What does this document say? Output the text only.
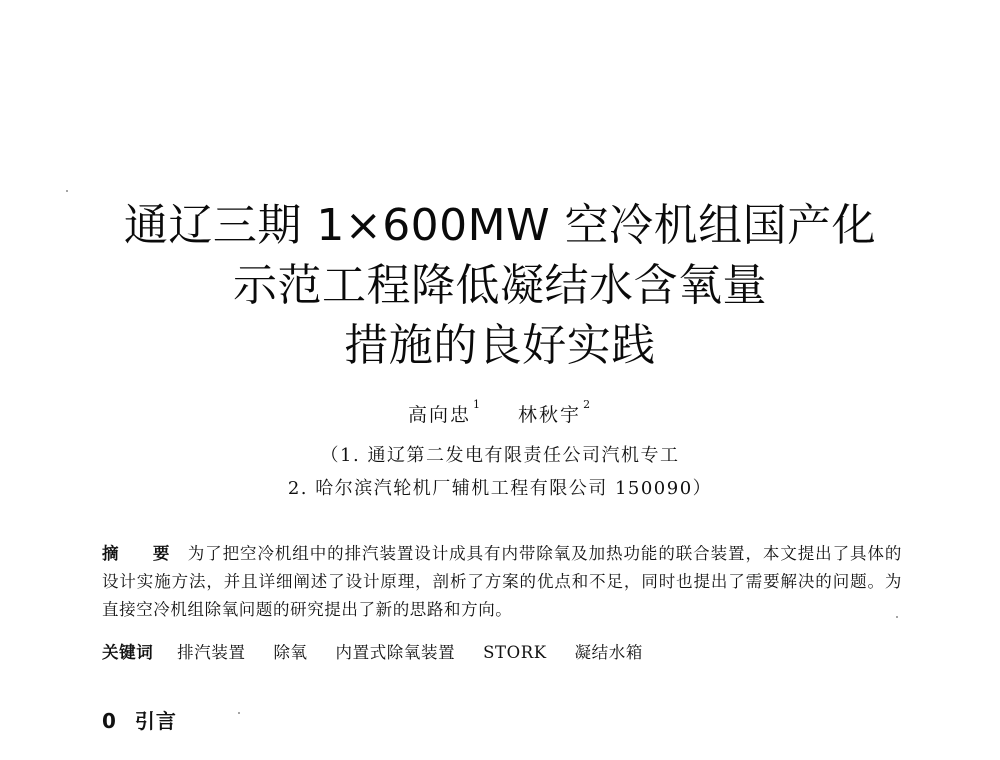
通辽三期 1×600MW 空冷机组国产化
示范工程降低凝结水含氧量
措施的良好实践
高向忠 $^1$ 林秋宇 $^2$
（1. 通辽第二发电有限责任公司汽机专工
2. 哈尔滨汽轮机厂辅机工程有限公司 150090）
摘 要 为了把空冷机组中的排汽装置设计成具有内带除氧及加热功能的联合装置，本文提出了具体的设计实施方法，并且详细阐述了设计原理，剖析了方案的优点和不足，同时也提出了需要解决的问题。为直接空冷机组除氧问题的研究提出了新的思路和方向。
关键词 排汽装置 除氧 内置式除氧装置 STORK 凝结水箱
0 引言
